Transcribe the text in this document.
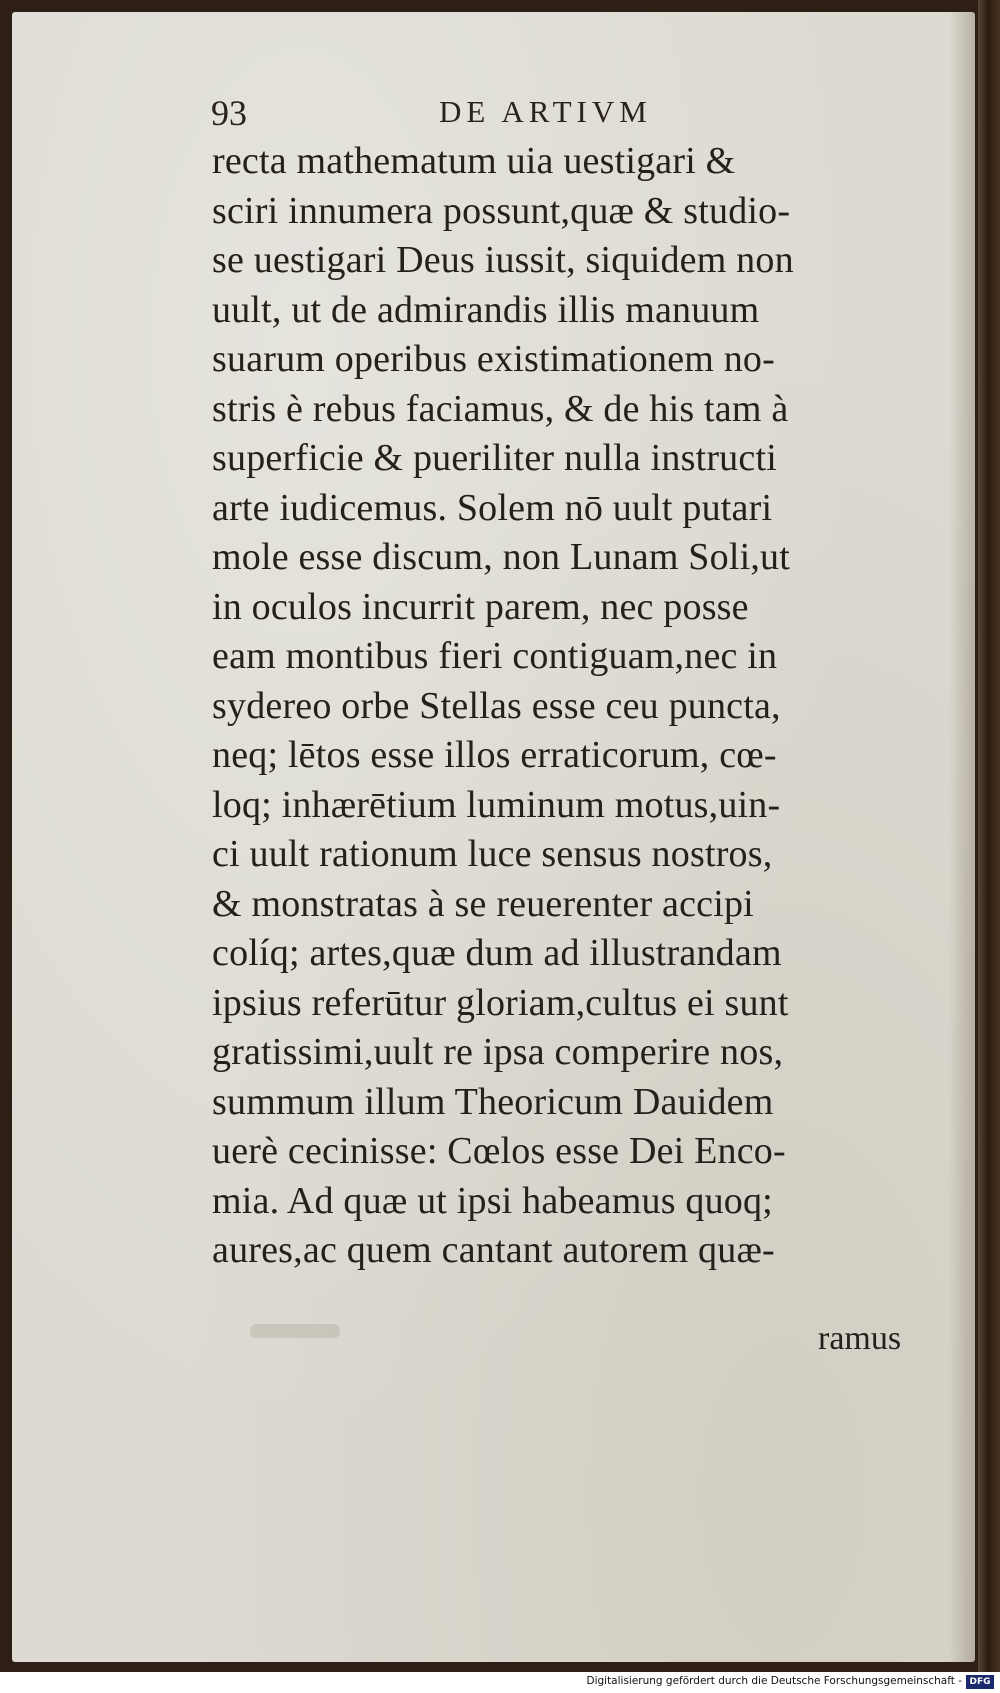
93	DE ARTIVM
recta mathematum uia uestigari &
sciri innumera possunt,quæ & studio-
se uestigari Deus iussit, siquidem non
uult, ut de admirandis illis manuum
suarum operibus existimationem no-
stris è rebus faciamus, & de his tam à
superficie & pueriliter nulla instructi
arte iudicemus. Solem nō uult putari
mole esse discum, non Lunam Soli,ut
in oculos incurrit parem, nec posse
eam montibus fieri contiguam,nec in
sydereo orbe Stellas esse ceu puncta,
neq; lētos esse illos erraticorum, cœ-
loq; inhærētium luminum motus,uin-
ci uult rationum luce sensus nostros,
& monstratas à se reuerenter accipi
colíq; artes,quæ dum ad illustrandam
ipsius referūtur gloriam,cultus ei sunt
gratissimi,uult re ipsa comperire nos,
summum illum Theoricum Dauidem
uerè cecinisse: Cœlos esse Dei Enco-
mia. Ad quæ ut ipsi habeamus quoq;
aures,ac quem cantant autorem quæ-
ramus
Digitalisierung gefördert durch die Deutsche Forschungsgemeinschaft - DFG
